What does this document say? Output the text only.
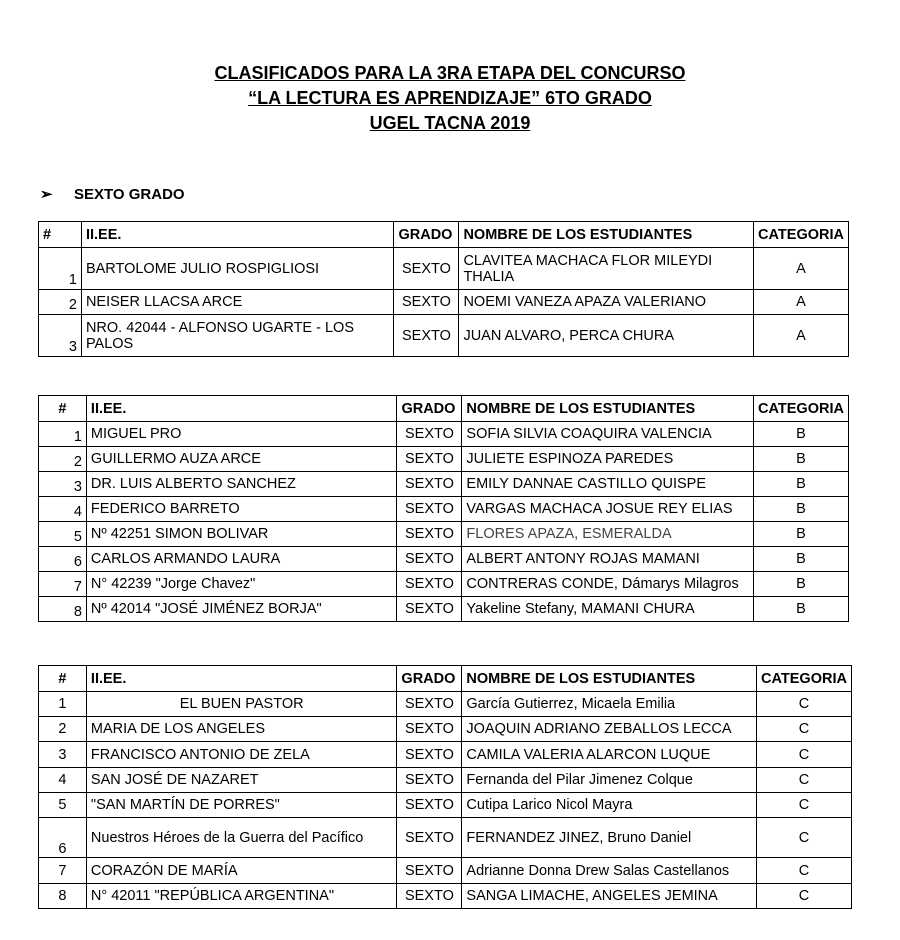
CLASIFICADOS PARA LA 3RA ETAPA DEL CONCURSO
“LA LECTURA ES APRENDIZAJE” 6TO GRADO
UGEL TACNA 2019
➢ SEXTO GRADO
#	II.EE.	GRADO	NOMBRE DE LOS ESTUDIANTES	CATEGORIA
1	BARTOLOME JULIO ROSPIGLIOSI	SEXTO	CLAVITEA MACHACA FLOR MILEYDI THALIA	A
2	NEISER LLACSA ARCE	SEXTO	NOEMI VANEZA APAZA VALERIANO	A
3	NRO. 42044 - ALFONSO UGARTE - LOS PALOS	SEXTO	JUAN ALVARO, PERCA CHURA	A
#	II.EE.	GRADO	NOMBRE DE LOS ESTUDIANTES	CATEGORIA
1	MIGUEL PRO	SEXTO	SOFIA SILVIA COAQUIRA VALENCIA	B
2	GUILLERMO AUZA ARCE	SEXTO	JULIETE ESPINOZA PAREDES	B
3	DR. LUIS ALBERTO SANCHEZ	SEXTO	EMILY DANNAE CASTILLO QUISPE	B
4	FEDERICO BARRETO	SEXTO	VARGAS MACHACA JOSUE REY ELIAS	B
5	Nº 42251 SIMON BOLIVAR	SEXTO	FLORES APAZA, ESMERALDA	B
6	CARLOS ARMANDO LAURA	SEXTO	ALBERT ANTONY ROJAS MAMANI	B
7	N° 42239 "Jorge Chavez"	SEXTO	CONTRERAS CONDE, Dámarys Milagros	B
8	Nº 42014 "JOSÉ JIMÉNEZ BORJA"	SEXTO	Yakeline Stefany, MAMANI CHURA	B
#	II.EE.	GRADO	NOMBRE DE LOS ESTUDIANTES	CATEGORIA
1	EL BUEN PASTOR	SEXTO	García Gutierrez, Micaela Emilia	C
2	MARIA DE LOS ANGELES	SEXTO	JOAQUIN ADRIANO ZEBALLOS LECCA	C
3	FRANCISCO ANTONIO DE ZELA	SEXTO	CAMILA VALERIA ALARCON LUQUE	C
4	SAN JOSÉ DE NAZARET	SEXTO	Fernanda del Pilar Jimenez Colque	C
5	"SAN MARTÍN DE PORRES"	SEXTO	Cutipa Larico Nicol Mayra	C
6	Nuestros Héroes de la Guerra del Pacífico	SEXTO	FERNANDEZ JINEZ, Bruno Daniel	C
7	CORAZÓN DE MARÍA	SEXTO	Adrianne Donna Drew Salas Castellanos	C
8	N° 42011 "REPÚBLICA ARGENTINA"	SEXTO	SANGA LIMACHE, ANGELES JEMINA	C
